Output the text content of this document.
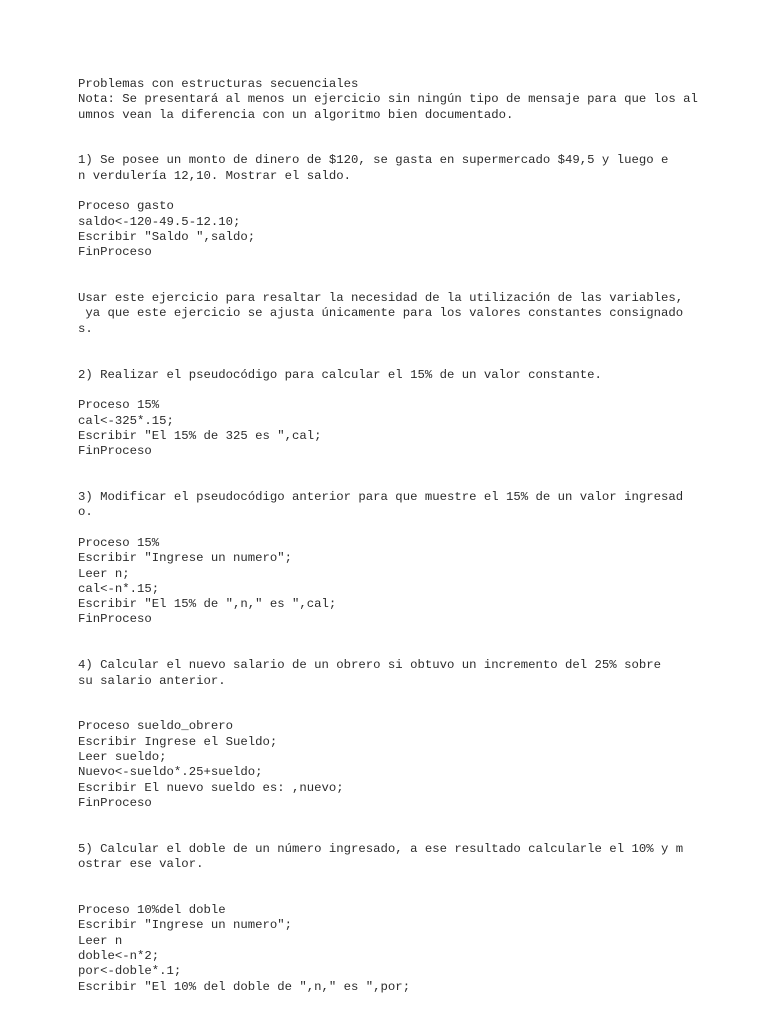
Problemas con estructuras secuenciales
Nota: Se presentará al menos un ejercicio sin ningún tipo de mensaje para que los al
umnos vean la diferencia con un algoritmo bien documentado.
1) Se posee un monto de dinero de $120, se gasta en supermercado $49,5 y luego e
n verdulería 12,10. Mostrar el saldo.
Proceso gasto
saldo<-120-49.5-12.10;
Escribir "Saldo ",saldo;
FinProceso
Usar este ejercicio para resaltar la necesidad de la utilización de las variables,
ya que este ejercicio se ajusta únicamente para los valores constantes consignado
s.
2) Realizar el pseudocódigo para calcular el 15% de un valor constante.
Proceso 15%
cal<-325*.15;
Escribir "El 15% de 325 es ",cal;
FinProceso
3) Modificar el pseudocódigo anterior para que muestre el 15% de un valor ingresad
o.
Proceso 15%
Escribir "Ingrese un numero";
Leer n;
cal<-n*.15;
Escribir "El 15% de ",n," es ",cal;
FinProceso
4) Calcular el nuevo salario de un obrero si obtuvo un incremento del 25% sobre
su salario anterior.
Proceso sueldo_obrero
Escribir Ingrese el Sueldo;
Leer sueldo;
Nuevo<-sueldo*.25+sueldo;
Escribir El nuevo sueldo es: ,nuevo;
FinProceso
5) Calcular el doble de un número ingresado, a ese resultado calcularle el 10% y m
ostrar ese valor.
Proceso 10%del doble
Escribir "Ingrese un numero";
Leer n
doble<-n*2;
por<-doble*.1;
Escribir "El 10% del doble de ",n," es ",por;
